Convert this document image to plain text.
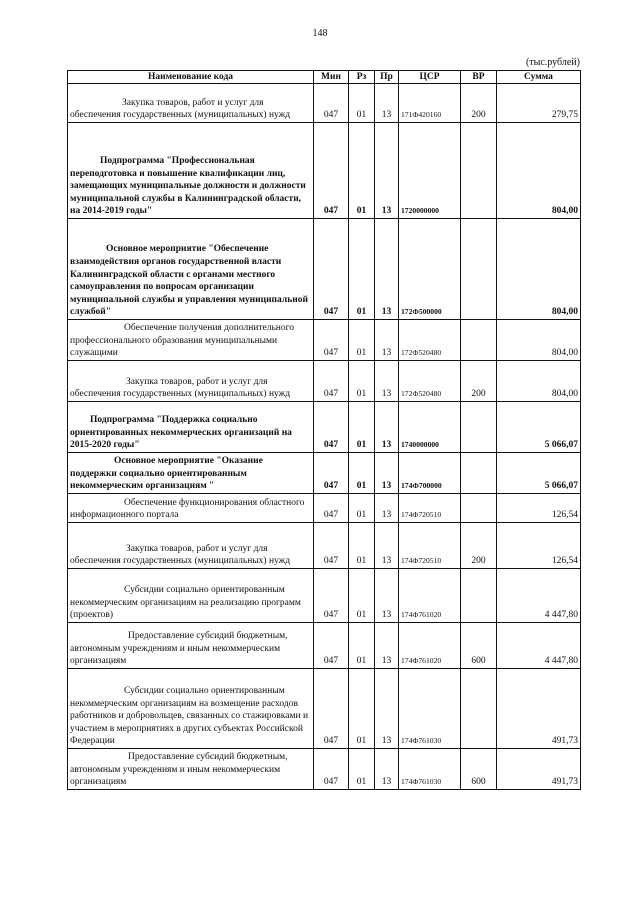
148
(тыс.рублей)
Наименование кода	Мин	Рз	Пр	ЦСР	ВР	Сумма
Закупка товаров, работ и услуг для обеспечения государственных (муниципальных) нужд	047	01	13	171Ф420160	200	279,75
Подпрограмма "Профессиональная переподготовка и повышение квалификации лиц, замещающих муниципальные должности и должности муниципальной службы в Калининградской области, на 2014-2019 годы"	047	01	13	1720000000		804,00
Основное мероприятие "Обеспечение взаимодействия органов государственной власти Калининградской области с органами местного самоуправления по вопросам организации муниципальной службы и управления муниципальной службой"	047	01	13	172Ф500000		804,00
Обеспечение получения дополнительного профессионального образования муниципальными служащими	047	01	13	172Ф520480		804,00
Закупка товаров, работ и услуг для обеспечения государственных (муниципальных) нужд	047	01	13	172Ф520480	200	804,00
Подпрограмма "Поддержка социально ориентированных некоммерческих организаций на 2015-2020 годы"	047	01	13	1740000000		5 066,07
Основное мероприятие "Оказание поддержки социально ориентированным некоммерческим организациям "	047	01	13	174Ф700000		5 066,07
Обеспечение функционирования областного информационного портала	047	01	13	174Ф720510		126,54
Закупка товаров, работ и услуг для обеспечения государственных (муниципальных) нужд	047	01	13	174Ф720510	200	126,54
Субсидии социально ориентированным некоммерческим организациям на реализацию программ (проектов)	047	01	13	174Ф761020		4 447,80
Предоставление субсидий бюджетным, автономным учреждениям и иным некоммерческим организациям	047	01	13	174Ф761020	600	4 447,80
Субсидии социально ориентированным некоммерческим организациям на возмещение расходов работников и добровольцев, связанных со стажировками и участием в мероприятиях в других субъектах Российской Федерации	047	01	13	174Ф761030		491,73
Предоставление субсидий бюджетным, автономным учреждениям и иным некоммерческим организациям	047	01	13	174Ф761030	600	491,73
